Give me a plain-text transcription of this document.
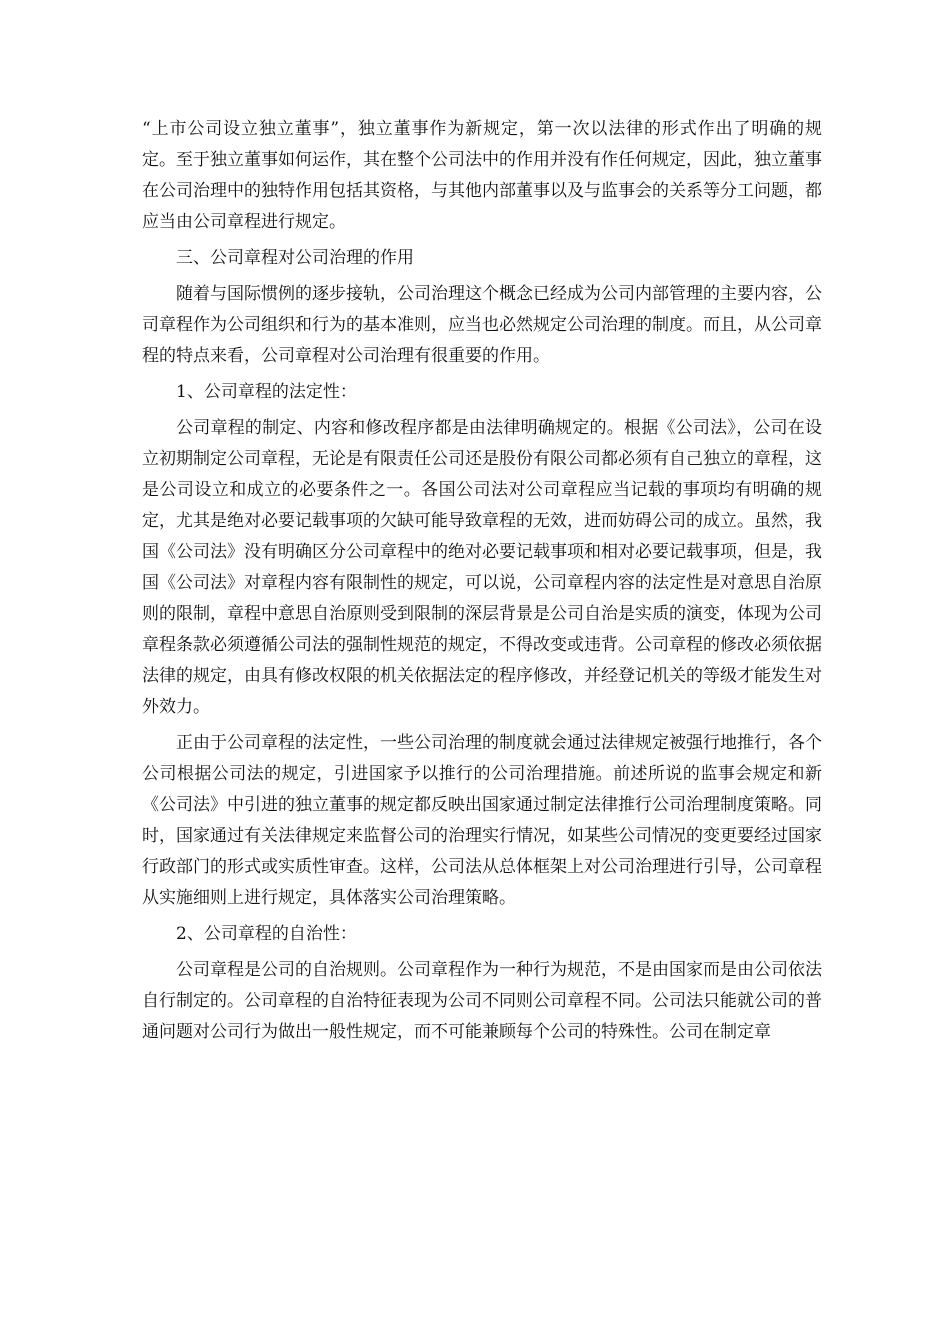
“上市公司设立独立董事”，独立董事作为新规定，第一次以法律的形式作出了明确的规定。至于独立董事如何运作，其在整个公司法中的作用并没有作任何规定，因此，独立董事在公司治理中的独特作用包括其资格，与其他内部董事以及与监事会的关系等分工问题，都应当由公司章程进行规定。

三、公司章程对公司治理的作用

随着与国际惯例的逐步接轨，公司治理这个概念已经成为公司内部管理的主要内容，公司章程作为公司组织和行为的基本准则，应当也必然规定公司治理的制度。而且，从公司章程的特点来看，公司章程对公司治理有很重要的作用。

1、公司章程的法定性：

公司章程的制定、内容和修改程序都是由法律明确规定的。根据《公司法》，公司在设立初期制定公司章程，无论是有限责任公司还是股份有限公司都必须有自己独立的章程，这是公司设立和成立的必要条件之一。各国公司法对公司章程应当记载的事项均有明确的规定，尤其是绝对必要记载事项的欠缺可能导致章程的无效，进而妨碍公司的成立。虽然，我国《公司法》没有明确区分公司章程中的绝对必要记载事项和相对必要记载事项，但是，我国《公司法》对章程内容有限制性的规定，可以说，公司章程内容的法定性是对意思自治原则的限制，章程中意思自治原则受到限制的深层背景是公司自治是实质的演变，体现为公司章程条款必须遵循公司法的强制性规范的规定，不得改变或违背。公司章程的修改必须依据法律的规定，由具有修改权限的机关依据法定的程序修改，并经登记机关的等级才能发生对外效力。

正由于公司章程的法定性，一些公司治理的制度就会通过法律规定被强行地推行，各个公司根据公司法的规定，引进国家予以推行的公司治理措施。前述所说的监事会规定和新《公司法》中引进的独立董事的规定都反映出国家通过制定法律推行公司治理制度策略。同时，国家通过有关法律规定来监督公司的治理实行情况，如某些公司情况的变更要经过国家行政部门的形式或实质性审查。这样，公司法从总体框架上对公司治理进行引导，公司章程从实施细则上进行规定，具体落实公司治理策略。

2、公司章程的自治性：

公司章程是公司的自治规则。公司章程作为一种行为规范，不是由国家而是由公司依法自行制定的。公司章程的自治特征表现为公司不同则公司章程不同。公司法只能就公司的普通问题对公司行为做出一般性规定，而不可能兼顾每个公司的特殊性。公司在制定章
